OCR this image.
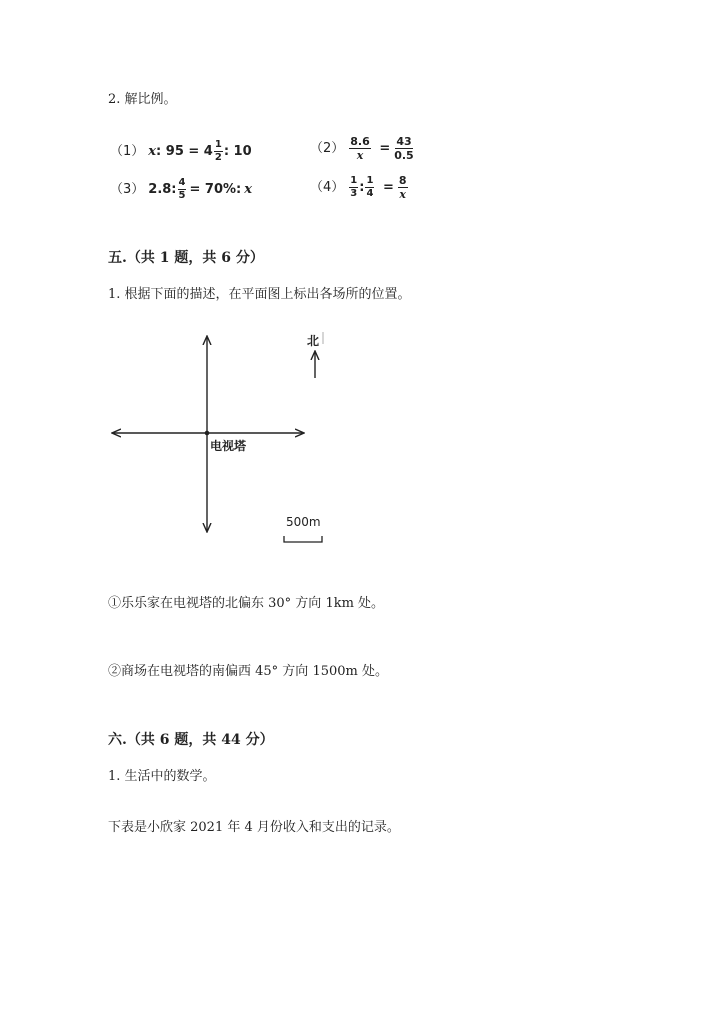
2. 解比例。
（1） x: $95 = 4 \frac{1}{2}$ : 10	$(2) \frac{8.6}{x} = \frac{43}{0.5}$
（3） 2.8: $\frac{4}{5} = 70\%$: x	$(4) \frac{1}{3}$ : $\frac{1}{4} = \frac{8}{x}$
五.（共 1 题，共 6 分）
1. 根据下面的描述，在平面图上标出各场所的位置。
北
电视塔
500m
①乐乐家在电视塔的北偏东 30° 方向 1km 处。
②商场在电视塔的南偏西 45° 方向 1500m 处。
六.（共 6 题，共 44 分）
1. 生活中的数学。
下表是小欣家 2021 年 4 月份收入和支出的记录。
